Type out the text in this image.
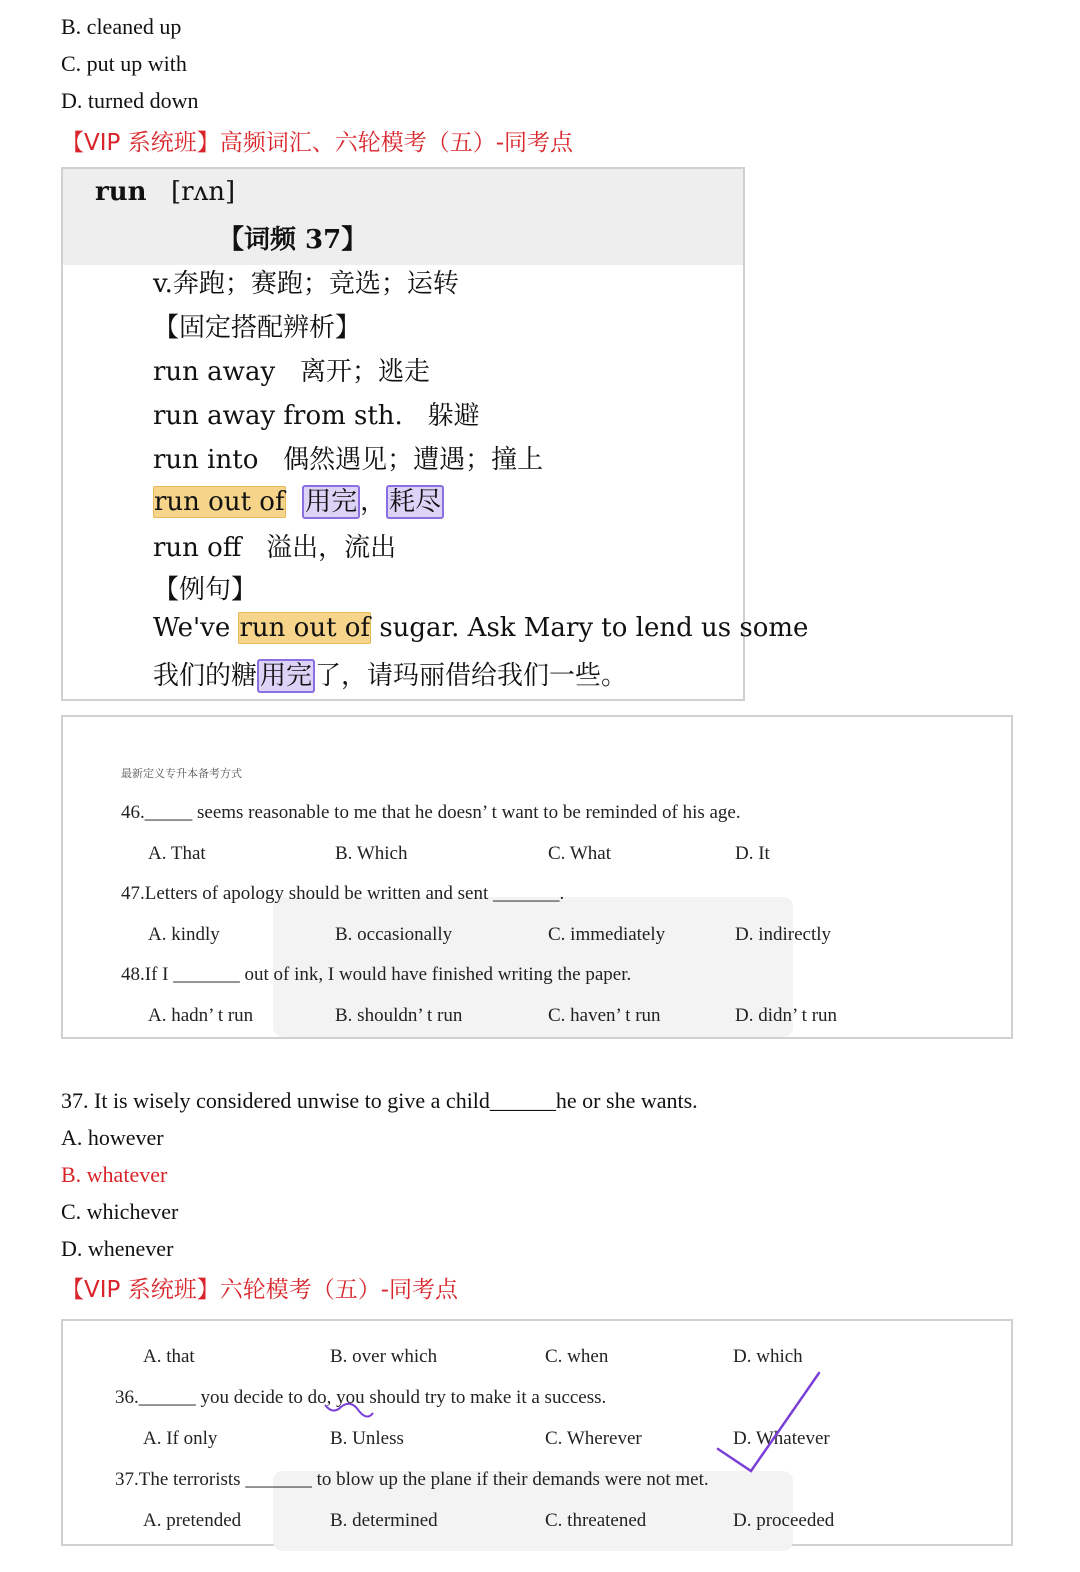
B. cleaned up
C. put up with
D. turned down
【VIP 系统班】高频词汇、六轮模考（五）-同考点
run [rʌn]
【词频 37】
v.奔跑；赛跑；竞选；运转
【固定搭配辨析】
run away 离开；逃走
run away from sth. 躲避
run into 偶然遇见；遭遇；撞上
run out of 用完 ， 耗尽
run off 溢出，流出
【例句】
We've run out of sugar. Ask Mary to lend us some
我们的糖 用完 了，请玛丽借给我们一些。
最新定义专升本备考方式
46._____ seems reasonable to me that he doesn’ t want to be reminded of his age.
A. That	B. Which	C. What	D. It
47.Letters of apology should be written and sent _______.
A. kindly	B. occasionally	C. immediately	D. indirectly
48.If I _______ out of ink, I would have finished writing the paper.
A. hadn’ t run	B. shouldn’ t run	C. haven’ t run	D. didn’ t run
37. It is wisely considered unwise to give a child______he or she wants.
A. however
B. whatever
C. whichever
D. whenever
【VIP 系统班】六轮模考（五）-同考点
A. that	B. over which	C. when	D. which
36.______ you decide to do, you should try to make it a success.
A. If only	B. Unless	C. Wherever	D. Whatever
37.The terrorists _______ to blow up the plane if their demands were not met.
A. pretended	B. determined	C. threatened	D. proceeded
